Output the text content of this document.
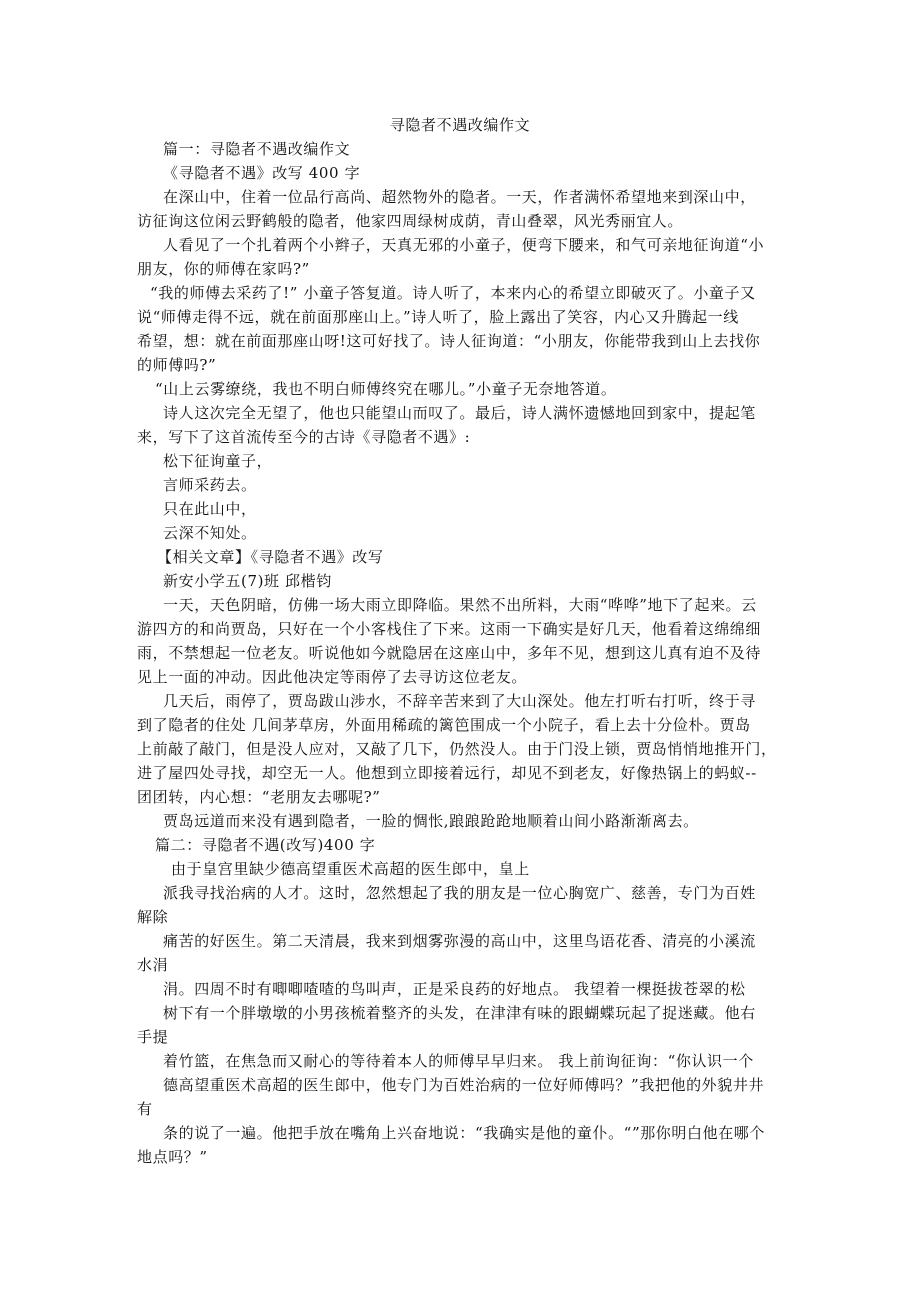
寻隐者不遇改编作文
篇一：寻隐者不遇改编作文
《寻隐者不遇》改写 400 字
在深山中，住着一位品行高尚、超然物外的隐者。一天，作者满怀希望地来到深山中，
访征询这位闲云野鹤般的隐者，他家四周绿树成荫，青山叠翠，风光秀丽宜人。
人看见了一个扎着两个小辫子，天真无邪的小童子，便弯下腰来，和气可亲地征询道“小
朋友，你的师傅在家吗?”
“我的师傅去采药了!” 小童子答复道。诗人听了，本来内心的希望立即破灭了。小童子又
说“师傅走得不远，就在前面那座山上。”诗人听了，脸上露出了笑容，内心又升腾起一线
希望，想：就在前面那座山呀!这可好找了。诗人征询道：“小朋友，你能带我到山上去找你
的师傅吗?”
“山上云雾缭绕，我也不明白师傅终究在哪儿。”小童子无奈地答道。
诗人这次完全无望了，他也只能望山而叹了。最后，诗人满怀遗憾地回到家中，提起笔
来，写下了这首流传至今的古诗《寻隐者不遇》:
松下征询童子，
言师采药去。
只在此山中，
云深不知处。
【相关文章】《寻隐者不遇》改写
新安小学五(7)班 邱楷钧
一天，天色阴暗，仿佛一场大雨立即降临。果然不出所料，大雨“哗哗”地下了起来。云
游四方的和尚贾岛，只好在一个小客栈住了下来。这雨一下确实是好几天，他看着这绵绵细
雨，不禁想起一位老友。听说他如今就隐居在这座山中，多年不见，想到这儿真有迫不及待
见上一面的冲动。因此他决定等雨停了去寻访这位老友。
几天后，雨停了，贾岛跋山涉水，不辞辛苦来到了大山深处。他左打听右打听，终于寻
到了隐者的住处 几间茅草房，外面用稀疏的篱笆围成一个小院子，看上去十分俭朴。贾岛
上前敲了敲门，但是没人应对，又敲了几下，仍然没人。由于门没上锁，贾岛悄悄地推开门，
进了屋四处寻找，却空无一人。他想到立即接着远行，却见不到老友，好像热锅上的蚂蚁--
团团转，内心想：“老朋友去哪呢?”
贾岛远道而来没有遇到隐者，一脸的惆怅,踉踉跄跄地顺着山间小路渐渐离去。
篇二：寻隐者不遇(改写)400 字
由于皇宫里缺少德高望重医术高超的医生郎中，皇上
派我寻找治病的人才。这时，忽然想起了我的朋友是一位心胸宽广、慈善，专门为百姓
解除
痛苦的好医生。第二天清晨，我来到烟雾弥漫的高山中，这里鸟语花香、清亮的小溪流
水涓
涓。四周不时有唧唧喳喳的鸟叫声，正是采良药的好地点。 我望着一棵挺拔苍翠的松
树下有一个胖墩墩的小男孩梳着整齐的头发，在津津有味的跟蝴蝶玩起了捉迷藏。他右
手提
着竹篮，在焦急而又耐心的等待着本人的师傅早早归来。 我上前询征询：“你认识一个
德高望重医术高超的医生郎中，他专门为百姓治病的一位好师傅吗？”我把他的外貌井井
有
条的说了一遍。他把手放在嘴角上兴奋地说：“我确实是他的童仆。“”那你明白他在哪个
地点吗？”
